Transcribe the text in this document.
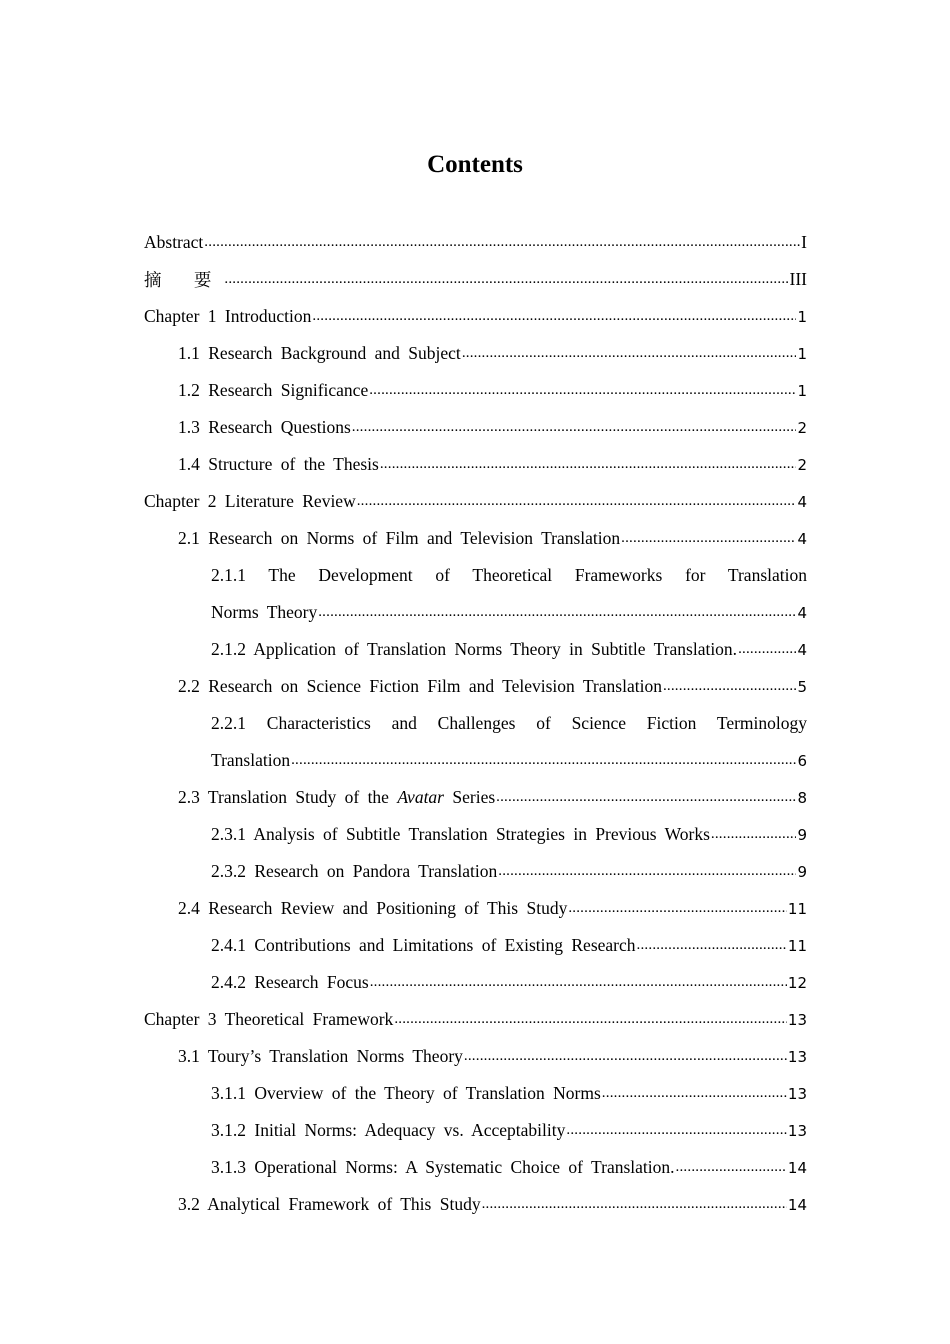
Contents
Abstract .....	I
摘 要 .....	III
Chapter 1 Introduction .....	1
1.1 Research Background and Subject .....	1
1.2 Research Significance .....	1
1.3 Research Questions .....	2
1.4 Structure of the Thesis .....	2
Chapter 2 Literature Review .....	4
2.1 Research on Norms of Film and Television Translation .....	4
2.1.1 The Development of Theoretical Frameworks for Translation
Norms Theory .....	4
2.1.2 Application of Translation Norms Theory in Subtitle Translation. .....	4
2.2 Research on Science Fiction Film and Television Translation .....	5
2.2.1 Characteristics and Challenges of Science Fiction Terminology
Translation .....	6
2.3 Translation Study of the Avatar Series .....	8
2.3.1 Analysis of Subtitle Translation Strategies in Previous Works .....	9
2.3.2 Research on Pandora Translation .....	9
2.4 Research Review and Positioning of This Study .....	11
2.4.1 Contributions and Limitations of Existing Research .....	11
2.4.2 Research Focus .....	12
Chapter 3 Theoretical Framework .....	13
3.1 Toury’s Translation Norms Theory .....	13
3.1.1 Overview of the Theory of Translation Norms .....	13
3.1.2 Initial Norms: Adequacy vs. Acceptability .....	13
3.1.3 Operational Norms: A Systematic Choice of Translation. .....	14
3.2 Analytical Framework of This Study .....	14
